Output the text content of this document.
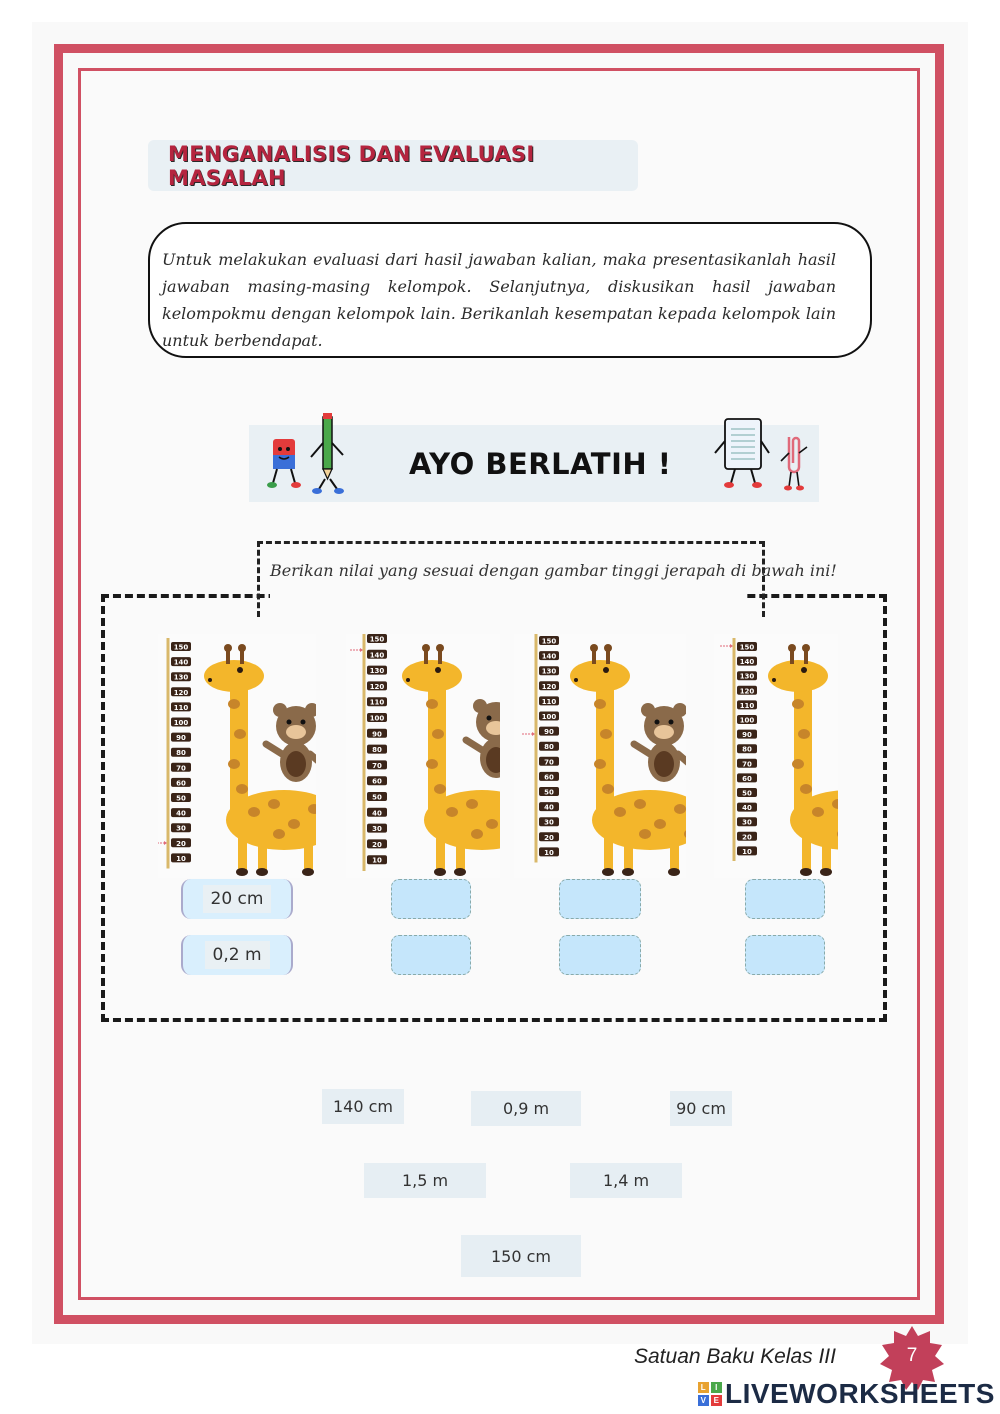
MENGANALISIS DAN EVALUASI MASALAH
Untuk melakukan evaluasi dari hasil jawaban kalian, maka presentasikanlah hasil jawaban masing-masing kelompok. Selanjutnya, diskusikan hasil jawaban kelompokmu dengan kelompok lain. Berikanlah kesempatan kepada kelompok lain untuk berbendapat.
AYO BERLATIH !
Berikan nilai yang sesuai dengan gambar tinggi jerapah di bawah ini!
150
140
130
120
110
100
90
80
70
60
50
40
30
20
10
150
140
130
120
110
100
90
80
70
60
50
40
30
20
10
150
140
130
120
110
100
90
80
70
60
50
40
30
20
10
150
140
130
120
110
100
90
80
70
60
50
40
30
20
10
20 cm
0,2 m
140 cm	0,9 m	90 cm
1,5 m	1,4 m
150 cm
Satuan Baku Kelas III	7
L	I
V E LIVEWORKSHEETS
